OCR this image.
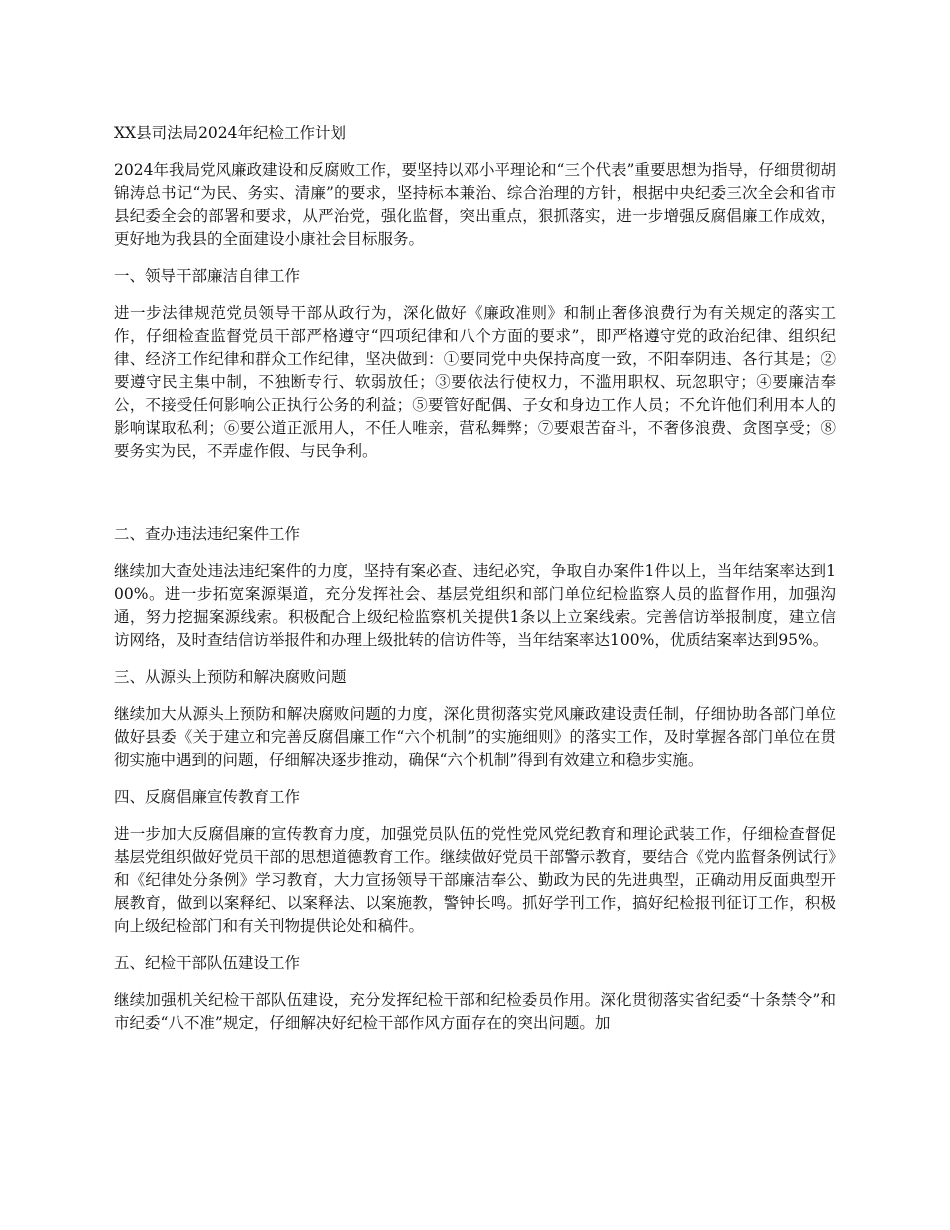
XX县司法局2024年纪检工作计划
2024年我局党风廉政建设和反腐败工作，要坚持以邓小平理论和“三个代表”重要思想为指导，仔细贯彻胡锦涛总书记“为民、务实、清廉”的要求，坚持标本兼治、综合治理的方针，根据中央纪委三次全会和省市县纪委全会的部署和要求，从严治党，强化监督，突出重点，狠抓落实，进一步增强反腐倡廉工作成效，更好地为我县的全面建设小康社会目标服务。
一、领导干部廉洁自律工作
进一步法律规范党员领导干部从政行为，深化做好《廉政准则》和制止奢侈浪费行为有关规定的落实工作，仔细检查监督党员干部严格遵守“四项纪律和八个方面的要求”，即严格遵守党的政治纪律、组织纪律、经济工作纪律和群众工作纪律，坚决做到：①要同党中央保持高度一致，不阳奉阴违、各行其是；②要遵守民主集中制，不独断专行、软弱放任；③要依法行使权力，不滥用职权、玩忽职守；④要廉洁奉公，不接受任何影响公正执行公务的利益；⑤要管好配偶、子女和身边工作人员；不允许他们利用本人的影响谋取私利；⑥要公道正派用人，不任人唯亲，营私舞弊；⑦要艰苦奋斗，不奢侈浪费、贪图享受；⑧要务实为民，不弄虚作假、与民争利。
二、查办违法违纪案件工作
继续加大查处违法违纪案件的力度，坚持有案必查、违纪必究，争取自办案件1件以上，当年结案率达到100%。进一步拓宽案源渠道，充分发挥社会、基层党组织和部门单位纪检监察人员的监督作用，加强沟通，努力挖掘案源线索。积极配合上级纪检监察机关提供1条以上立案线索。完善信访举报制度，建立信访网络，及时查结信访举报件和办理上级批转的信访件等，当年结案率达100%，优质结案率达到95%。
三、从源头上预防和解决腐败问题
继续加大从源头上预防和解决腐败问题的力度，深化贯彻落实党风廉政建设责任制，仔细协助各部门单位做好县委《关于建立和完善反腐倡廉工作“六个机制”的实施细则》的落实工作，及时掌握各部门单位在贯彻实施中遇到的问题，仔细解决逐步推动，确保“六个机制”得到有效建立和稳步实施。
四、反腐倡廉宣传教育工作
进一步加大反腐倡廉的宣传教育力度，加强党员队伍的党性党风党纪教育和理论武装工作，仔细检查督促基层党组织做好党员干部的思想道德教育工作。继续做好党员干部警示教育，要结合《党内监督条例试行》和《纪律处分条例》学习教育，大力宣扬领导干部廉洁奉公、勤政为民的先进典型，正确动用反面典型开展教育，做到以案释纪、以案释法、以案施教，警钟长鸣。抓好学刊工作，搞好纪检报刊征订工作，积极向上级纪检部门和有关刊物提供论处和稿件。
五、纪检干部队伍建设工作
继续加强机关纪检干部队伍建设，充分发挥纪检干部和纪检委员作用。深化贯彻落实省纪委“十条禁令”和市纪委“八不准”规定，仔细解决好纪检干部作风方面存在的突出问题。加
